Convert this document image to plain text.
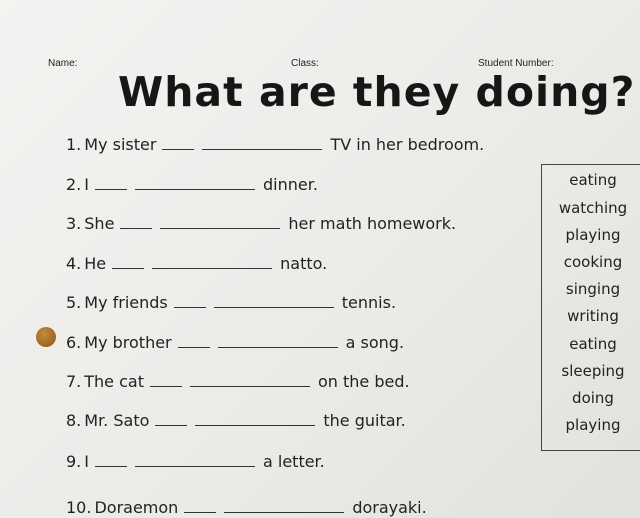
Name:	Class:	Student Number:
What are they doing?
1. My sister	TV in her bedroom.
2. I	dinner.
3. She	her math homework.
4. He	natto.
5. My friends	tennis.
6. My brother	a song.
7. The cat	on the bed.
8. Mr. Sato	the guitar.
9. I	a letter.
10. Doraemon	dorayaki.
eating
watching
playing
cooking
singing
writing
eating
sleeping
doing
playing
